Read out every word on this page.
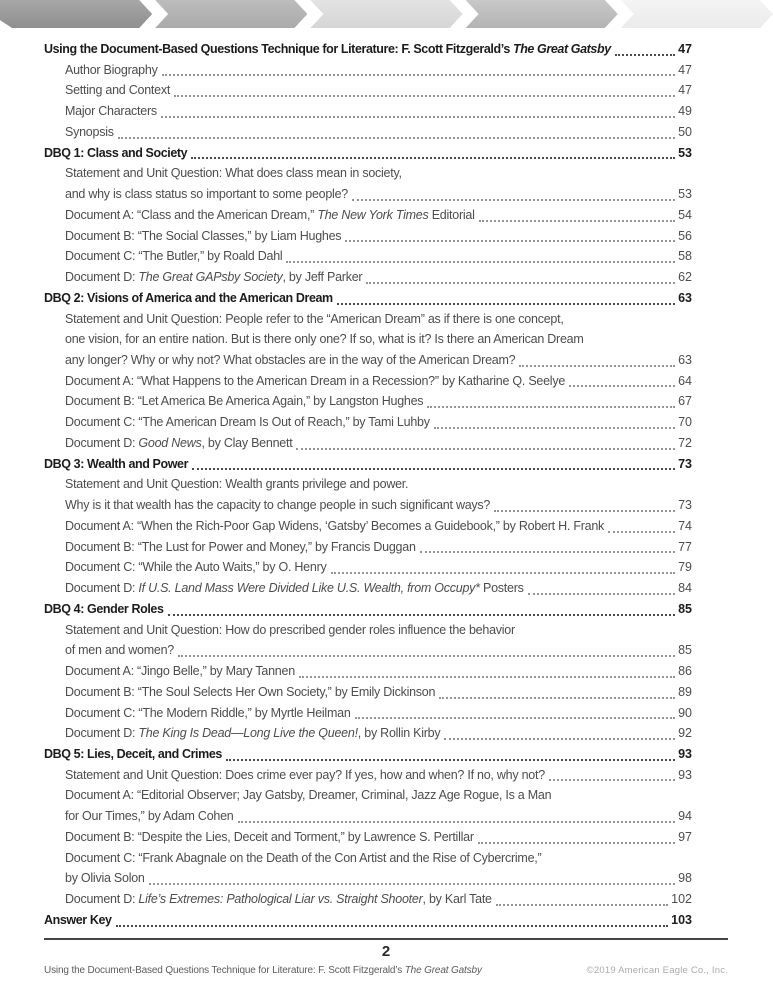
Using the Document-Based Questions Technique for Literature: F. Scott Fitzgerald’s The Great Gatsby	47
Author Biography	47
Setting and Context	47
Major Characters	49
Synopsis	50
DBQ 1: Class and Society	53
Statement and Unit Question: What does class mean in society,
and why is class status so important to some people?	53
Document A: “Class and the American Dream,” The New York Times Editorial	54
Document B: “The Social Classes,” by Liam Hughes	56
Document C: “The Butler,” by Roald Dahl	58
Document D: The Great GAPsby Society, by Jeff Parker	62
DBQ 2: Visions of America and the American Dream	63
Statement and Unit Question: People refer to the “American Dream” as if there is one concept,
one vision, for an entire nation. But is there only one? If so, what is it? Is there an American Dream
any longer? Why or why not? What obstacles are in the way of the American Dream?	63
Document A: “What Happens to the American Dream in a Recession?” by Katharine Q. Seelye	64
Document B: “Let America Be America Again,” by Langston Hughes	67
Document C: “The American Dream Is Out of Reach,” by Tami Luhby	70
Document D: Good News, by Clay Bennett	72
DBQ 3: Wealth and Power	73
Statement and Unit Question: Wealth grants privilege and power.
Why is it that wealth has the capacity to change people in such significant ways?	73
Document A: “When the Rich-Poor Gap Widens, ‘Gatsby’ Becomes a Guidebook,” by Robert H. Frank	74
Document B: “The Lust for Power and Money,” by Francis Duggan	77
Document C: “While the Auto Waits,” by O. Henry	79
Document D: If U.S. Land Mass Were Divided Like U.S. Wealth, from Occupy* Posters	84
DBQ 4: Gender Roles	85
Statement and Unit Question: How do prescribed gender roles influence the behavior
of men and women?	85
Document A: “Jingo Belle,” by Mary Tannen	86
Document B: “The Soul Selects Her Own Society,” by Emily Dickinson	89
Document C: “The Modern Riddle,” by Myrtle Heilman	90
Document D: The King Is Dead—Long Live the Queen!, by Rollin Kirby	92
DBQ 5: Lies, Deceit, and Crimes	93
Statement and Unit Question: Does crime ever pay? If yes, how and when? If no, why not?	93
Document A: “Editorial Observer; Jay Gatsby, Dreamer, Criminal, Jazz Age Rogue, Is a Man
for Our Times,” by Adam Cohen	94
Document B: “Despite the Lies, Deceit and Torment,” by Lawrence S. Pertillar	97
Document C: “Frank Abagnale on the Death of the Con Artist and the Rise of Cybercrime,”
by Olivia Solon	98
Document D: Life’s Extremes: Pathological Liar vs. Straight Shooter, by Karl Tate	102
Answer Key	103
2
Using the Document-Based Questions Technique for Literature: F. Scott Fitzgerald’s The Great Gatsby	©2019 American Eagle Co., Inc.
